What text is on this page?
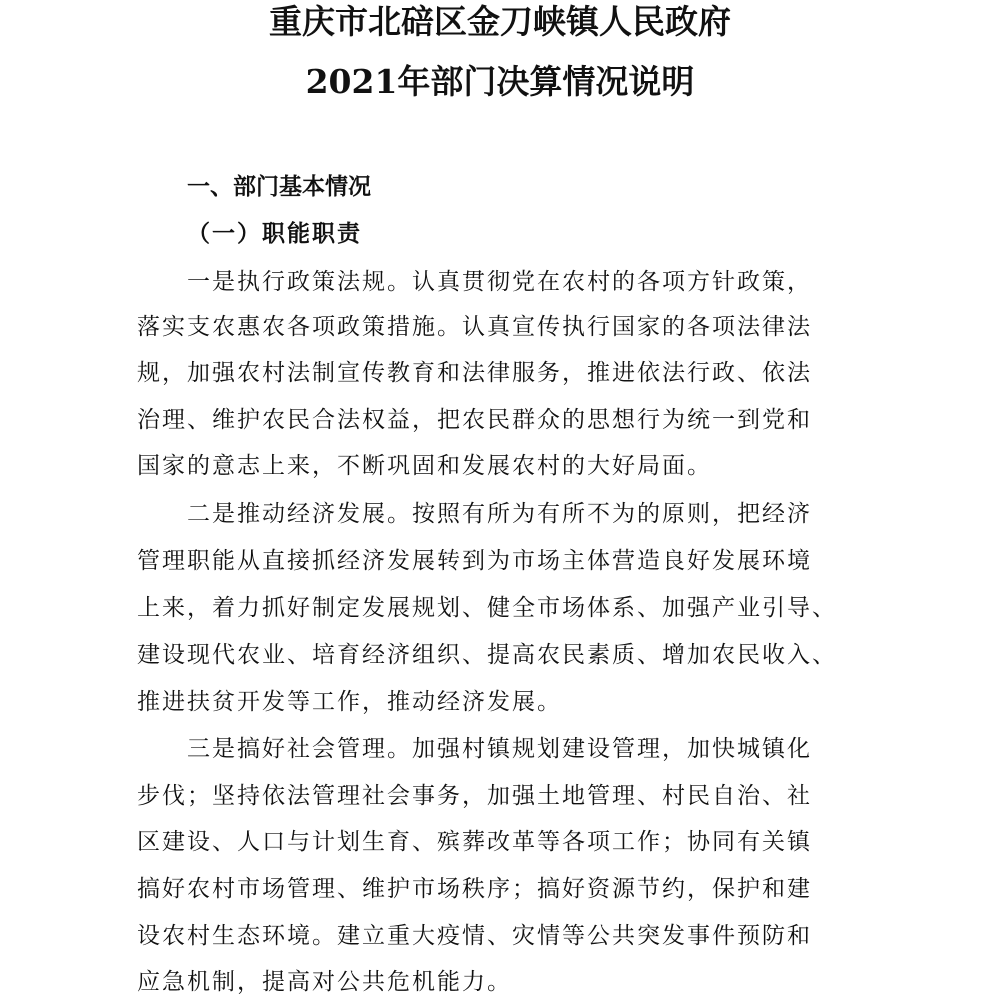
重庆市北碚区金刀峡镇人民政府
2021年部门决算情况说明
一、部门基本情况
（一）职能职责

一是执行政策法规。认真贯彻党在农村的各项方针政策，

落实支农惠农各项政策措施。认真宣传执行国家的各项法律法

规，加强农村法制宣传教育和法律服务，推进依法行政、依法

治理、维护农民合法权益，把农民群众的思想行为统一到党和

国家的意志上来，不断巩固和发展农村的大好局面。

二是推动经济发展。按照有所为有所不为的原则，把经济

管理职能从直接抓经济发展转到为市场主体营造良好发展环境

上来，着力抓好制定发展规划、健全市场体系、加强产业引导、

建设现代农业、培育经济组织、提高农民素质、增加农民收入、

推进扶贫开发等工作，推动经济发展。

三是搞好社会管理。加强村镇规划建设管理，加快城镇化

步伐；坚持依法管理社会事务，加强土地管理、村民自治、社

区建设、人口与计划生育、殡葬改革等各项工作；协同有关镇

搞好农村市场管理、维护市场秩序；搞好资源节约，保护和建

设农村生态环境。建立重大疫情、灾情等公共突发事件预防和

应急机制，提高对公共危机能力。
